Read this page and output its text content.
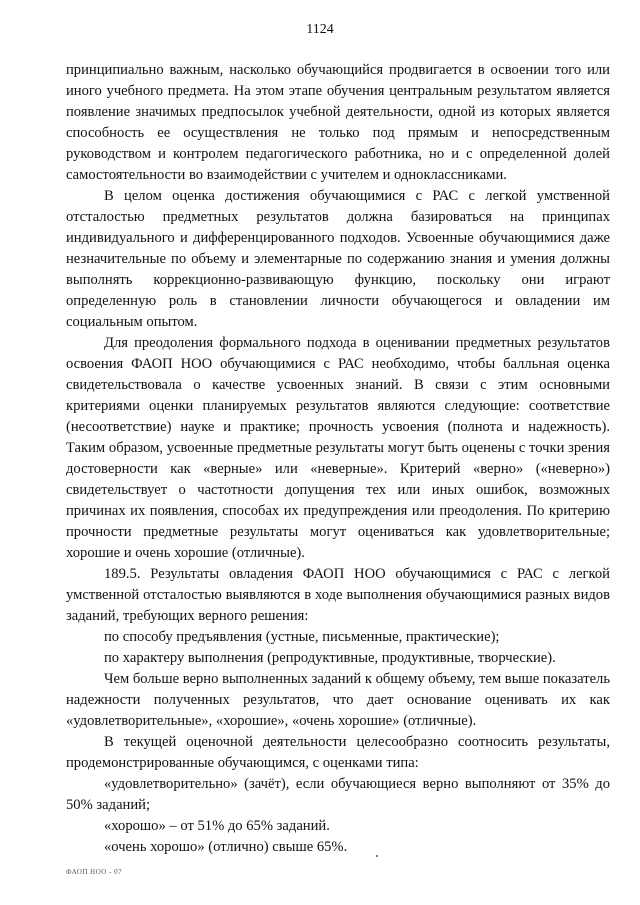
1124

принципиально важным, насколько обучающийся продвигается в освоении того или иного учебного предмета. На этом этапе обучения центральным результатом является появление значимых предпосылок учебной деятельности, одной из которых является способность ее осуществления не только под прямым и непосредственным руководством и контролем педагогического работника, но и с определенной долей самостоятельности во взаимодействии с учителем и одноклассниками.

В целом оценка достижения обучающимися с РАС с легкой умственной отсталостью предметных результатов должна базироваться на принципах индивидуального и дифференцированного подходов. Усвоенные обучающимися даже незначительные по объему и элементарные по содержанию знания и умения должны выполнять коррекционно-развивающую функцию, поскольку они играют определенную роль в становлении личности обучающегося и овладении им социальным опытом.

Для преодоления формального подхода в оценивании предметных результатов освоения ФАОП НОО обучающимися с РАС необходимо, чтобы балльная оценка свидетельствовала о качестве усвоенных знаний. В связи с этим основными критериями оценки планируемых результатов являются следующие: соответствие (несоответствие) науке и практике; прочность усвоения (полнота и надежность). Таким образом, усвоенные предметные результаты могут быть оценены с точки зрения достоверности как «верные» или «неверные». Критерий «верно» («неверно») свидетельствует о частотности допущения тех или иных ошибок, возможных причинах их появления, способах их предупреждения или преодоления. По критерию прочности предметные результаты могут оцениваться как удовлетворительные; хорошие и очень хорошие (отличные).

189.5. Результаты овладения ФАОП НОО обучающимися с РАС с легкой умственной отсталостью выявляются в ходе выполнения обучающимися разных видов заданий, требующих верного решения:

по способу предъявления (устные, письменные, практические);

по характеру выполнения (репродуктивные, продуктивные, творческие).

Чем больше верно выполненных заданий к общему объему, тем выше показатель надежности полученных результатов, что дает основание оценивать их как «удовлетворительные», «хорошие», «очень хорошие» (отличные).

В текущей оценочной деятельности целесообразно соотносить результаты, продемонстрированные обучающимся, с оценками типа:

«удовлетворительно» (зачёт), если обучающиеся верно выполняют от 35% до 50% заданий;

«хорошо» – от 51% до 65% заданий.

«очень хорошо» (отлично) свыше 65%.

ФАОП НОО - 07
